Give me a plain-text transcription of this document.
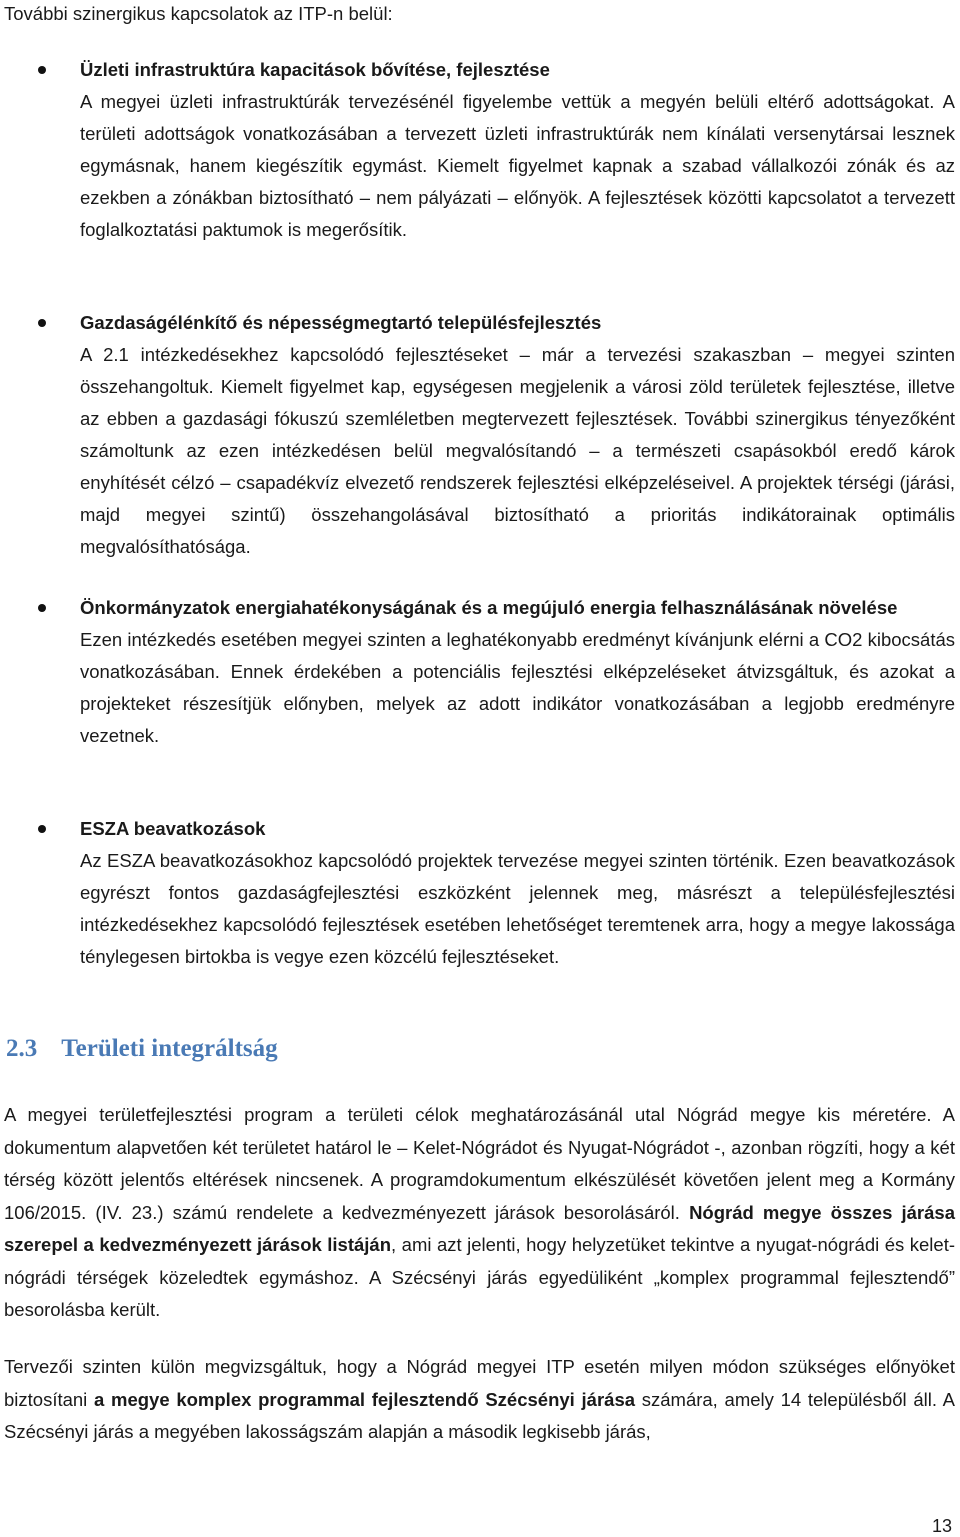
További szinergikus kapcsolatok az ITP-n belül:
Üzleti infrastruktúra kapacitások bővítése, fejlesztése
A megyei üzleti infrastruktúrák tervezésénél figyelembe vettük a megyén belüli eltérő adottságokat. A területi adottságok vonatkozásában a tervezett üzleti infrastruktúrák nem kínálati versenytársai lesznek egymásnak, hanem kiegészítik egymást. Kiemelt figyelmet kapnak a szabad vállalkozói zónák és az ezekben a zónákban biztosítható – nem pályázati – előnyök. A fejlesztések közötti kapcsolatot a tervezett foglalkoztatási paktumok is megerősítik.
Gazdaságélénkítő és népességmegtartó településfejlesztés
A 2.1 intézkedésekhez kapcsolódó fejlesztéseket – már a tervezési szakaszban – megyei szinten összehangoltuk. Kiemelt figyelmet kap, egységesen megjelenik a városi zöld területek fejlesztése, illetve az ebben a gazdasági fókuszú szemléletben megtervezett fejlesztések. További szinergikus tényezőként számoltunk az ezen intézkedésen belül megvalósítandó – a természeti csapásokból eredő károk enyhítését célzó – csapadékvíz elvezető rendszerek fejlesztési elképzeléseivel. A projektek térségi (járási, majd megyei szintű) összehangolásával biztosítható a prioritás indikátorainak optimális megvalósíthatósága.
Önkormányzatok energiahatékonyságának és a megújuló energia felhasználásának növelése
Ezen intézkedés esetében megyei szinten a leghatékonyabb eredményt kívánjunk elérni a CO2 kibocsátás vonatkozásában. Ennek érdekében a potenciális fejlesztési elképzeléseket átvizsgáltuk, és azokat a projekteket részesítjük előnyben, melyek az adott indikátor vonatkozásában a legjobb eredményre vezetnek.
ESZA beavatkozások
Az ESZA beavatkozásokhoz kapcsolódó projektek tervezése megyei szinten történik. Ezen beavatkozások egyrészt fontos gazdaságfejlesztési eszközként jelennek meg, másrészt a településfejlesztési intézkedésekhez kapcsolódó fejlesztések esetében lehetőséget teremtenek arra, hogy a megye lakossága ténylegesen birtokba is vegye ezen közcélú fejlesztéseket.
2.3 Területi integráltság
A megyei területfejlesztési program a területi célok meghatározásánál utal Nógrád megye kis méretére. A dokumentum alapvetően két területet határol le – Kelet-Nógrádot és Nyugat-Nógrádot -, azonban rögzíti, hogy a két térség között jelentős eltérések nincsenek. A programdokumentum elkészülését követően jelent meg a Kormány 106/2015. (IV. 23.) számú rendelete a kedvezményezett járások besorolásáról. Nógrád megye összes járása szerepel a kedvezményezett járások listáján, ami azt jelenti, hogy helyzetüket tekintve a nyugat-nógrádi és kelet-nógrádi térségek közeledtek egymáshoz. A Szécsényi járás egyedüliként „komplex programmal fejlesztendő” besorolásba került.
Tervezői szinten külön megvizsgáltuk, hogy a Nógrád megyei ITP esetén milyen módon szükséges előnyöket biztosítani a megye komplex programmal fejlesztendő Szécsényi járása számára, amely 14 településből áll. A Szécsényi járás a megyében lakosságszám alapján a második legkisebb járás,
13
